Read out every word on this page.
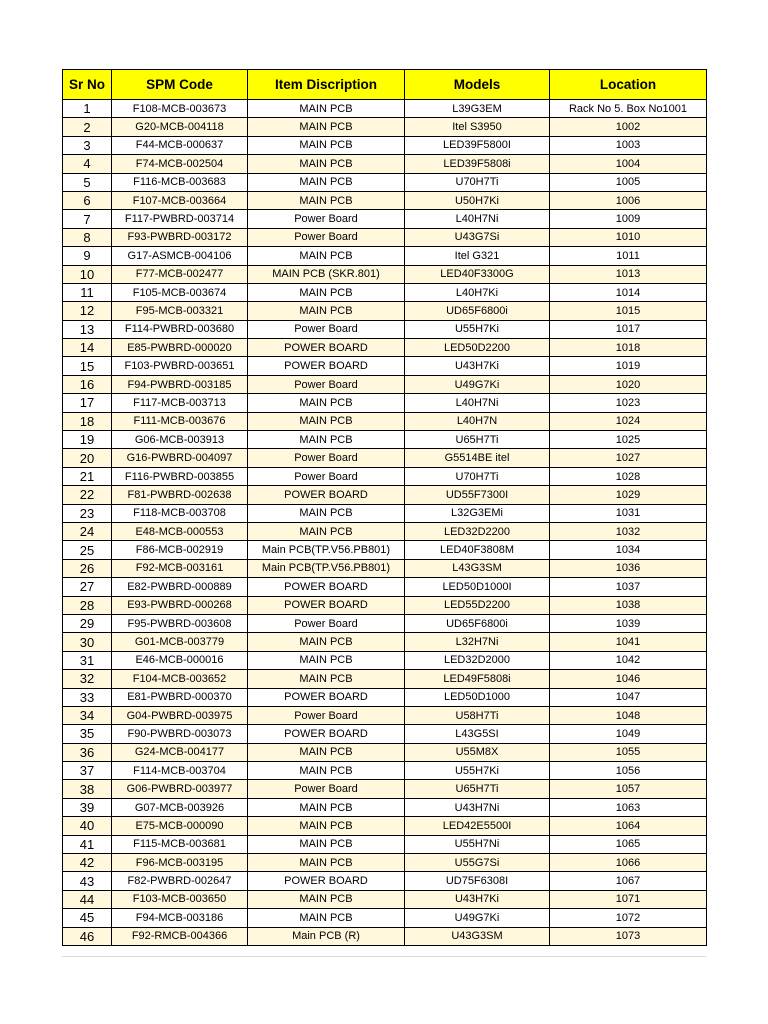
Sr No	SPM Code	Item Discription	Models	Location
1	F108-MCB-003673	MAIN PCB	L39G3EM	Rack No 5. Box No1001
2	G20-MCB-004118	MAIN PCB	Itel S3950	1002
3	F44-MCB-000637	MAIN PCB	LED39F5800I	1003
4	F74-MCB-002504	MAIN PCB	LED39F5808i	1004
5	F116-MCB-003683	MAIN PCB	U70H7Ti	1005
6	F107-MCB-003664	MAIN PCB	U50H7Ki	1006
7	F117-PWBRD-003714	Power Board	L40H7Ni	1009
8	F93-PWBRD-003172	Power Board	U43G7Si	1010
9	G17-ASMCB-004106	MAIN PCB	Itel G321	1011
10	F77-MCB-002477	MAIN PCB (SKR.801)	LED40F3300G	1013
11	F105-MCB-003674	MAIN PCB	L40H7Ki	1014
12	F95-MCB-003321	MAIN PCB	UD65F6800i	1015
13	F114-PWBRD-003680	Power Board	U55H7Ki	1017
14	E85-PWBRD-000020	POWER BOARD	LED50D2200	1018
15	F103-PWBRD-003651	POWER BOARD	U43H7Ki	1019
16	F94-PWBRD-003185	Power Board	U49G7Ki	1020
17	F117-MCB-003713	MAIN PCB	L40H7Ni	1023
18	F111-MCB-003676	MAIN PCB	L40H7N	1024
19	G06-MCB-003913	MAIN PCB	U65H7Ti	1025
20	G16-PWBRD-004097	Power Board	G5514BE itel	1027
21	F116-PWBRD-003855	Power Board	U70H7Ti	1028
22	F81-PWBRD-002638	POWER BOARD	UD55F7300I	1029
23	F118-MCB-003708	MAIN PCB	L32G3EMi	1031
24	E48-MCB-000553	MAIN PCB	LED32D2200	1032
25	F86-MCB-002919	Main PCB(TP.V56.PB801)	LED40F3808M	1034
26	F92-MCB-003161	Main PCB(TP.V56.PB801)	L43G3SM	1036
27	E82-PWBRD-000889	POWER BOARD	LED50D1000I	1037
28	E93-PWBRD-000268	POWER BOARD	LED55D2200	1038
29	F95-PWBRD-003608	Power Board	UD65F6800i	1039
30	G01-MCB-003779	MAIN PCB	L32H7Ni	1041
31	E46-MCB-000016	MAIN PCB	LED32D2000	1042
32	F104-MCB-003652	MAIN PCB	LED49F5808i	1046
33	E81-PWBRD-000370	POWER BOARD	LED50D1000	1047
34	G04-PWBRD-003975	Power Board	U58H7Ti	1048
35	F90-PWBRD-003073	POWER BOARD	L43G5SI	1049
36	G24-MCB-004177	MAIN PCB	U55M8X	1055
37	F114-MCB-003704	MAIN PCB	U55H7Ki	1056
38	G06-PWBRD-003977	Power Board	U65H7Ti	1057
39	G07-MCB-003926	MAIN PCB	U43H7Ni	1063
40	E75-MCB-000090	MAIN PCB	LED42E5500I	1064
41	F115-MCB-003681	MAIN PCB	U55H7Ni	1065
42	F96-MCB-003195	MAIN PCB	U55G7Si	1066
43	F82-PWBRD-002647	POWER BOARD	UD75F6308I	1067
44	F103-MCB-003650	MAIN PCB	U43H7Ki	1071
45	F94-MCB-003186	MAIN PCB	U49G7Ki	1072
46	F92-RMCB-004366	Main PCB (R)	U43G3SM	1073
